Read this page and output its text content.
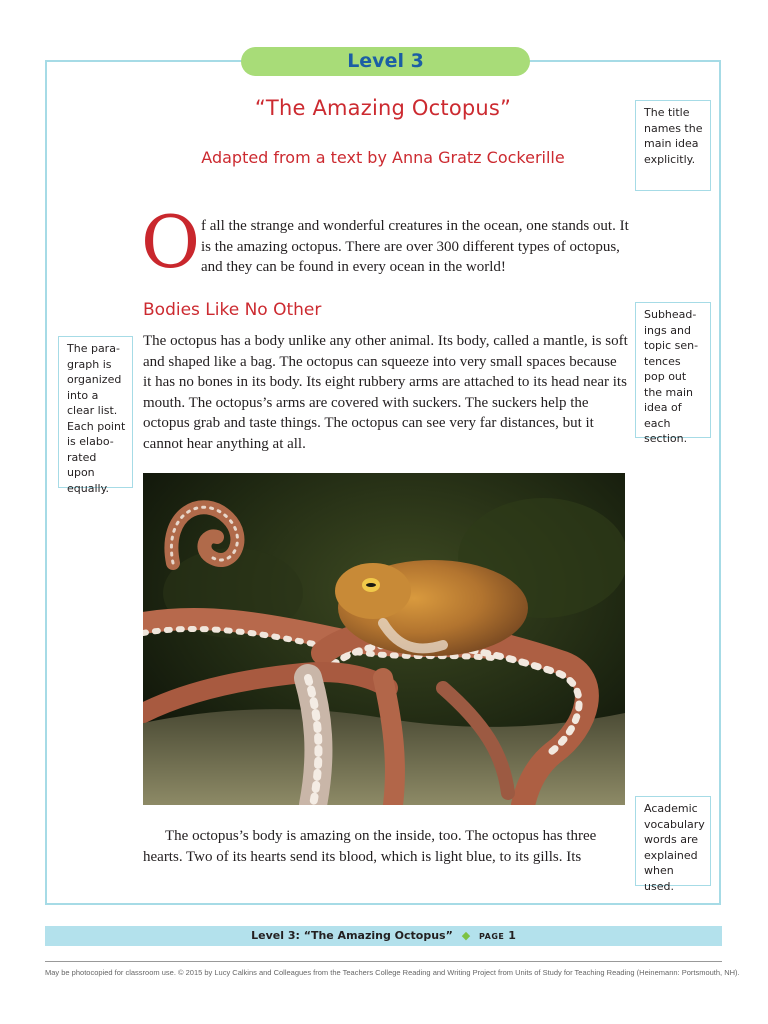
Level 3
“The Amazing Octopus”
Adapted from a text by Anna Gratz Cockerille
The title names the main idea explicitly.
O f all the strange and wonderful creatures in the ocean, one stands out. It is the amazing octopus. There are over 300 different types of octopus, and they can be found in every ocean in the world!
Bodies Like No Other	Subhead-ings and topic sen-tences pop out the main idea of each section.
The para-graph is organized into a clear list. Each point is elabo-rated upon equally.
The octopus has a body unlike any other animal. Its body, called a mantle, is soft and shaped like a bag. The octopus can squeeze into very small spaces because it has no bones in its body. Its eight rubbery arms are attached to its head near its mouth. The octopus’s arms are covered with suckers. The suckers help the octopus grab and taste things. The octopus can see very far distances, but it cannot hear anything at all.
The octopus’s body is amazing on the inside, too. The octopus has three hearts. Two of its hearts send its blood, which is light blue, to its gills. Its
Academic vocabulary words are explained when used.
Level 3: “The Amazing Octopus” ◆ PAGE 1
May be photocopied for classroom use. © 2015 by Lucy Calkins and Colleagues from the Teachers College Reading and Writing Project from Units of Study for Teaching Reading (Heinemann: Portsmouth, NH).
